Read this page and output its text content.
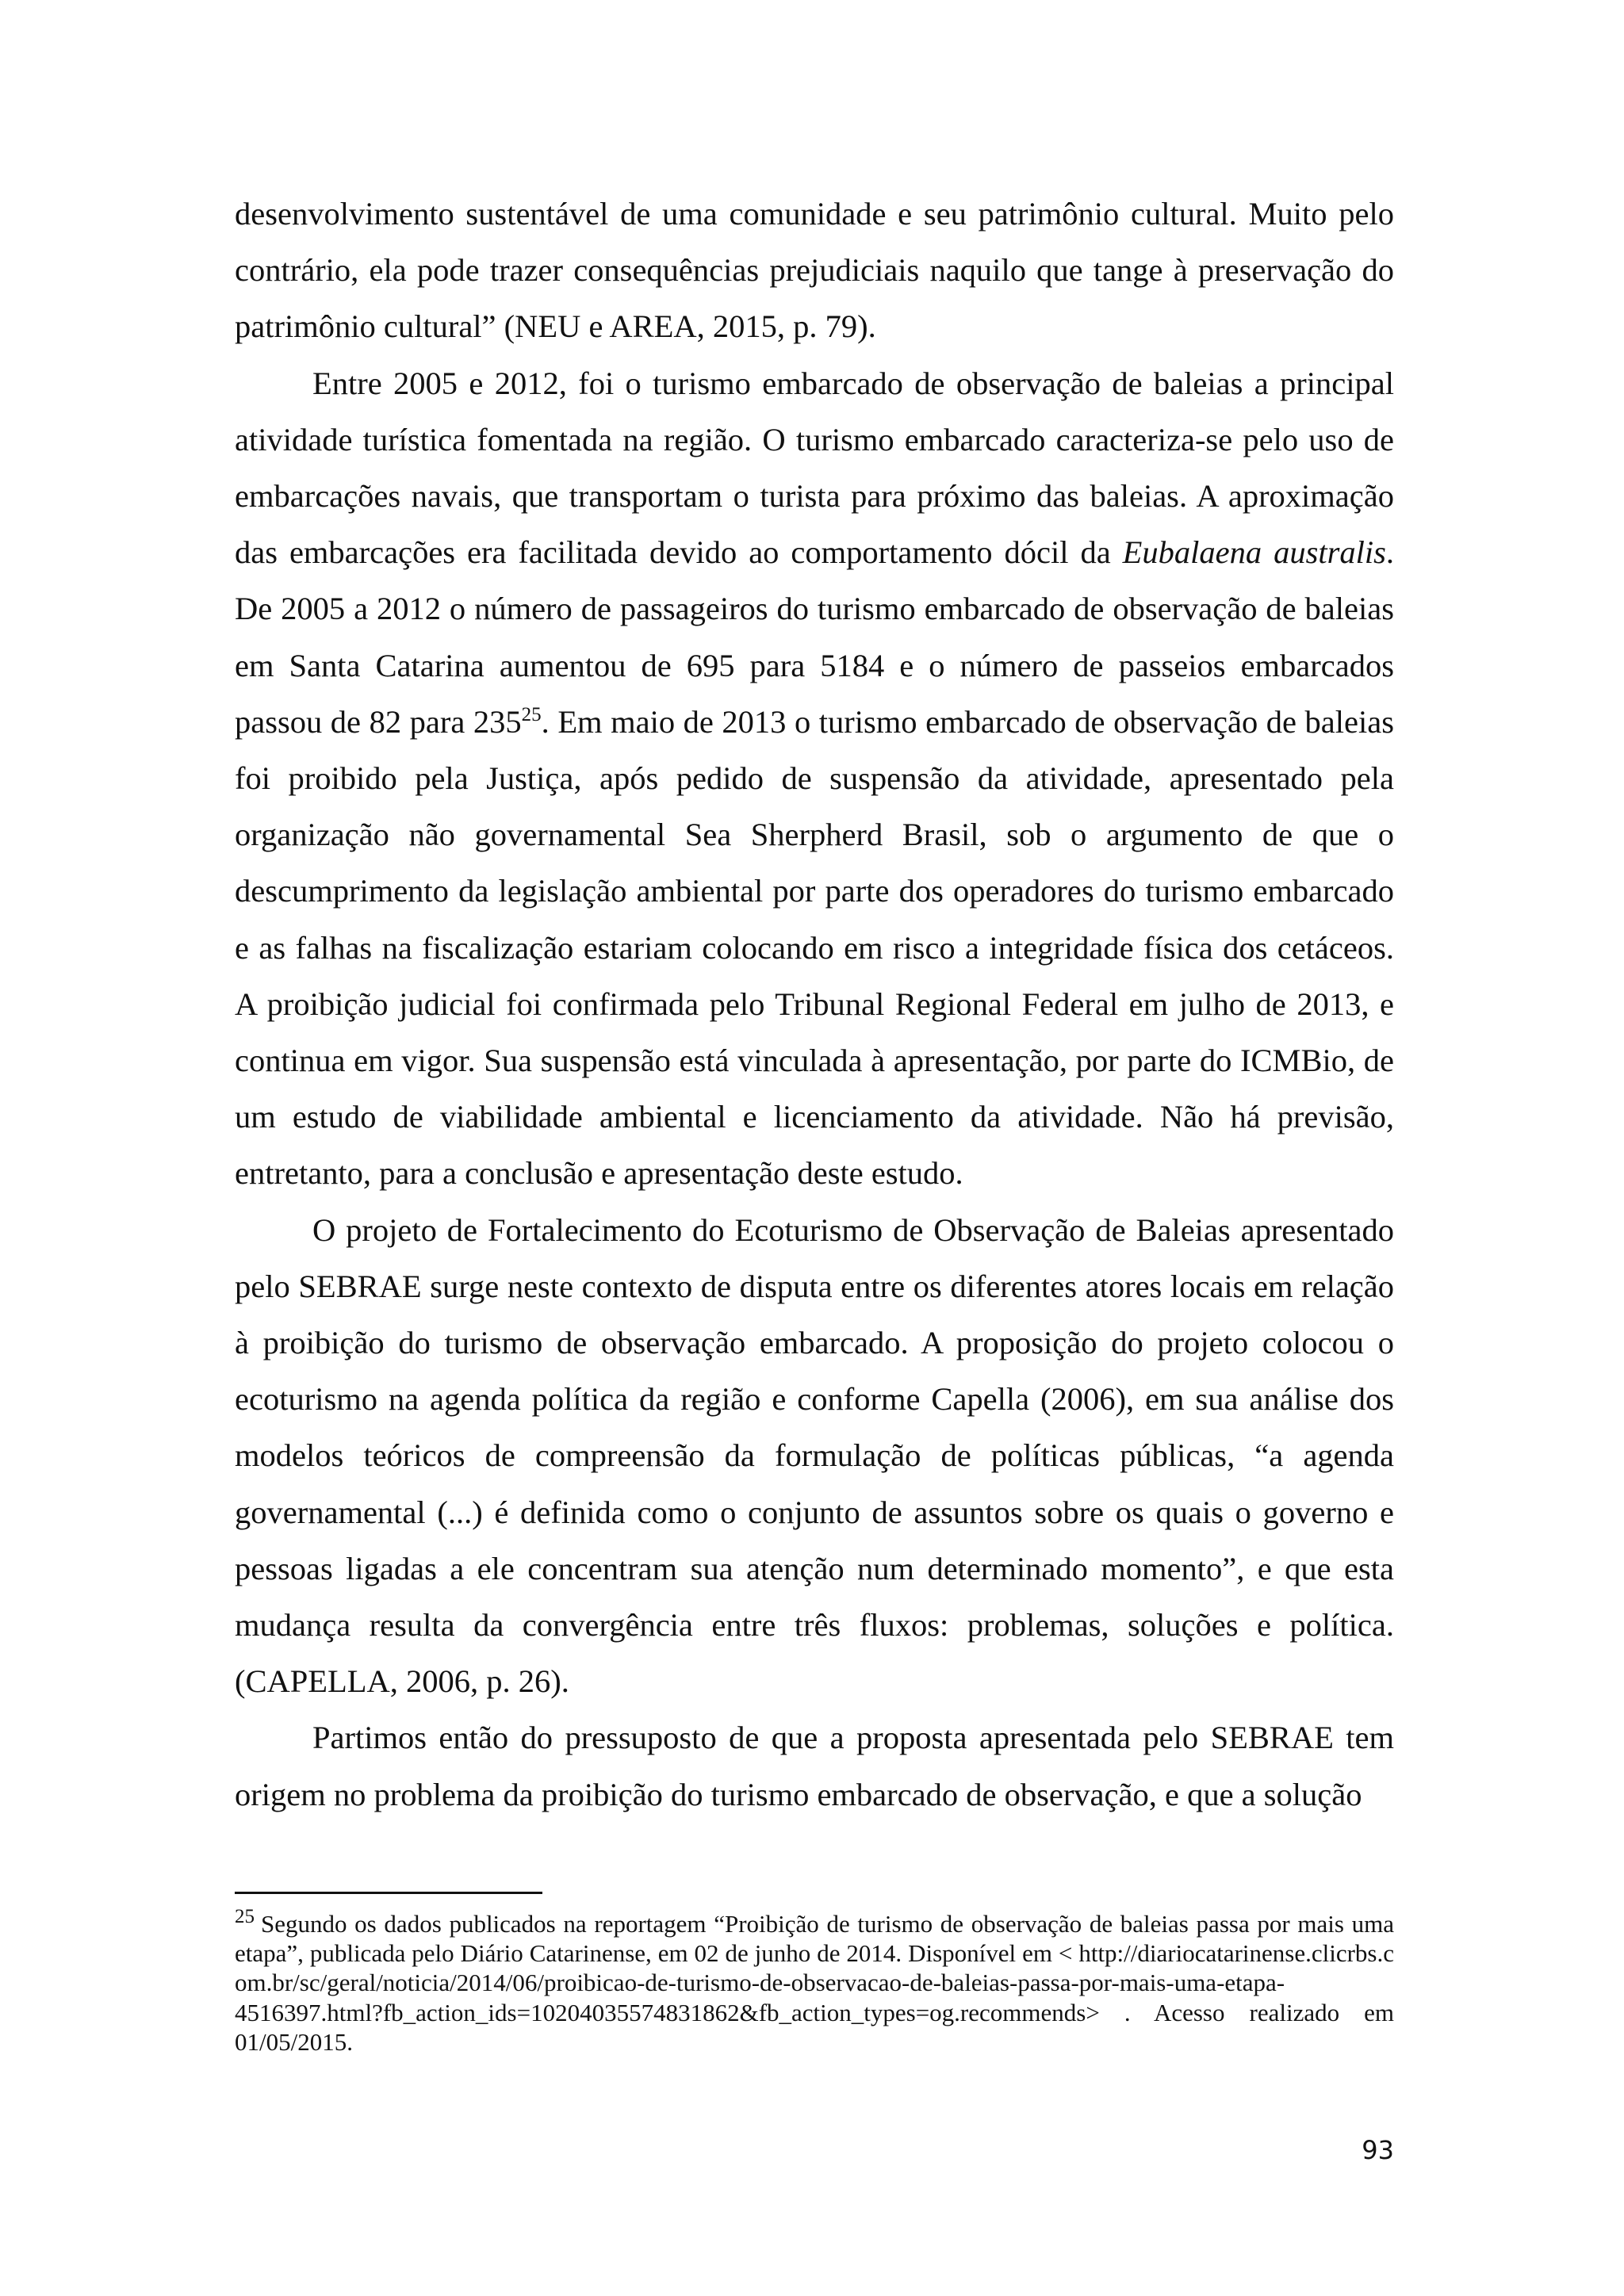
desenvolvimento sustentável de uma comunidade e seu patrimônio cultural. Muito pelo contrário, ela pode trazer consequências prejudiciais naquilo que tange à preservação do patrimônio cultural” (NEU e AREA, 2015, p. 79).

Entre 2005 e 2012, foi o turismo embarcado de observação de baleias a principal atividade turística fomentada na região. O turismo embarcado caracteriza-se pelo uso de embarcações navais, que transportam o turista para próximo das baleias. A aproximação das embarcações era facilitada devido ao comportamento dócil da Eubalaena australis. De 2005 a 2012 o número de passageiros do turismo embarcado de observação de baleias em Santa Catarina aumentou de 695 para 5184 e o número de passeios embarcados passou de 82 para $235^{25}$. Em maio de 2013 o turismo embarcado de observação de baleias foi proibido pela Justiça, após pedido de suspensão da atividade, apresentado pela organização não governamental Sea Sherpherd Brasil, sob o argumento de que o descumprimento da legislação ambiental por parte dos operadores do turismo embarcado e as falhas na fiscalização estariam colocando em risco a integridade física dos cetáceos. A proibição judicial foi confirmada pelo Tribunal Regional Federal em julho de 2013, e continua em vigor. Sua suspensão está vinculada à apresentação, por parte do ICMBio, de um estudo de viabilidade ambiental e licenciamento da atividade. Não há previsão, entretanto, para a conclusão e apresentação deste estudo.

O projeto de Fortalecimento do Ecoturismo de Observação de Baleias apresentado pelo SEBRAE surge neste contexto de disputa entre os diferentes atores locais em relação à proibição do turismo de observação embarcado. A proposição do projeto colocou o ecoturismo na agenda política da região e conforme Capella (2006), em sua análise dos modelos teóricos de compreensão da formulação de políticas públicas, “a agenda governamental (...) é definida como o conjunto de assuntos sobre os quais o governo e pessoas ligadas a ele concentram sua atenção num determinado momento”, e que esta mudança resulta da convergência entre três fluxos: problemas, soluções e política. (CAPELLA, 2006, p. 26).

Partimos então do pressuposto de que a proposta apresentada pelo SEBRAE tem origem no problema da proibição do turismo embarcado de observação, e que a solução

$^{25}$ Segundo os dados publicados na reportagem “Proibição de turismo de observação de baleias passa por mais uma etapa”, publicada pelo Diário Catarinense, em 02 de junho de 2014. Disponível em < http://diariocatarinense.clicrbs.com.br/sc/geral/noticia/2014/06/proibicao-de-turismo-de-observacao-de-baleias-passa-por-mais-uma-etapa-
4516397.html?fb_action_ids=10204035574831862&fb_action_types=og.recommends> . Acesso realizado em 01/05/2015.

93
